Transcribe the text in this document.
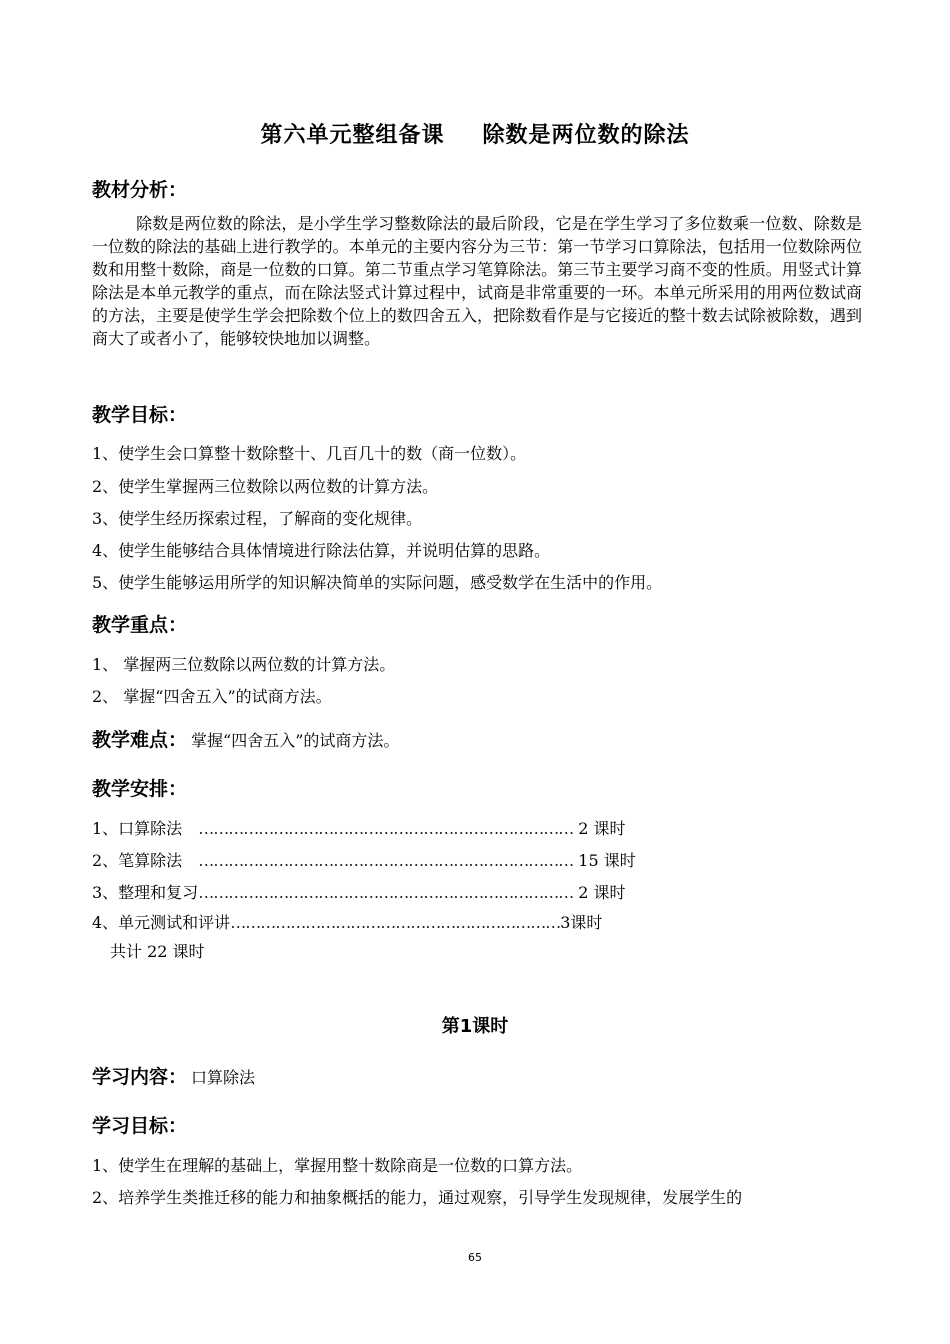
第六单元整组备课 除数是两位数的除法
教材分析：
除数是两位数的除法，是小学生学习整数除法的最后阶段，它是在学生学习了多位数乘一位数、除数是一位数的除法的基础上进行教学的。本单元的主要内容分为三节：第一节学习口算除法，包括用一位数除两位数和用整十数除，商是一位数的口算。第二节重点学习笔算除法。第三节主要学习商不变的性质。用竖式计算除法是本单元教学的重点，而在除法竖式计算过程中，试商是非常重要的一环。本单元所采用的用两位数试商的方法，主要是使学生学会把除数个位上的数四舍五入，把除数看作是与它接近的整十数去试除被除数，遇到商大了或者小了，能够较快地加以调整。
教学目标：
1、使学生会口算整十数除整十、几百几十的数（商一位数）。
2、使学生掌握两三位数除以两位数的计算方法。
3、使学生经历探索过程，了解商的变化规律。
4、使学生能够结合具体情境进行除法估算，并说明估算的思路。
5、使学生能够运用所学的知识解决简单的实际问题，感受数学在生活中的作用。
教学重点：
1、 掌握两三位数除以两位数的计算方法。
2、 掌握“四舍五入”的试商方法。
教学难点： 掌握“四舍五入”的试商方法。
教学安排：
1、口算除法　………………………………………………………………… 2 课时
2、笔算除法　………………………………………………………………… 15 课时
3、整理和复习………………………………………………………………… 2 课时
4、单元测试和评讲…………………………………………………………3课时
共计 22 课时
第1课时
学习内容： 口算除法
学习目标：
1、使学生在理解的基础上，掌握用整十数除商是一位数的口算方法。
2、培养学生类推迁移的能力和抽象概括的能力，通过观察，引导学生发现规律，发展学生的
65
